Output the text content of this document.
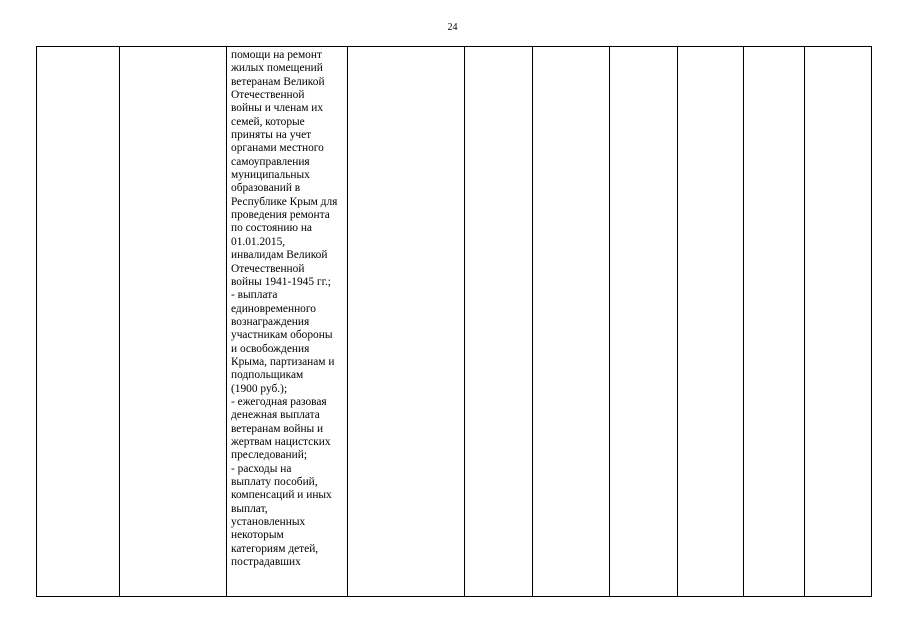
24
помощи на ремонт
жилых помещений
ветеранам Великой
Отечественной
войны и членам их
семей, которые
приняты на учет
органами местного
самоуправления
муниципальных
образований в
Республике Крым для
проведения ремонта
по состоянию на
01.01.2015,
инвалидам Великой
Отечественной
войны 1941-1945 гг.;
- выплата
единовременного
вознаграждения
участникам обороны
и освобождения
Крыма, партизанам и
подпольщикам
(1900 руб.);
- ежегодная разовая
денежная выплата
ветеранам войны и
жертвам нацистских
преследований;
- расходы на
выплату пособий,
компенсаций и иных
выплат,
установленных
некоторым
категориям детей,
пострадавших
